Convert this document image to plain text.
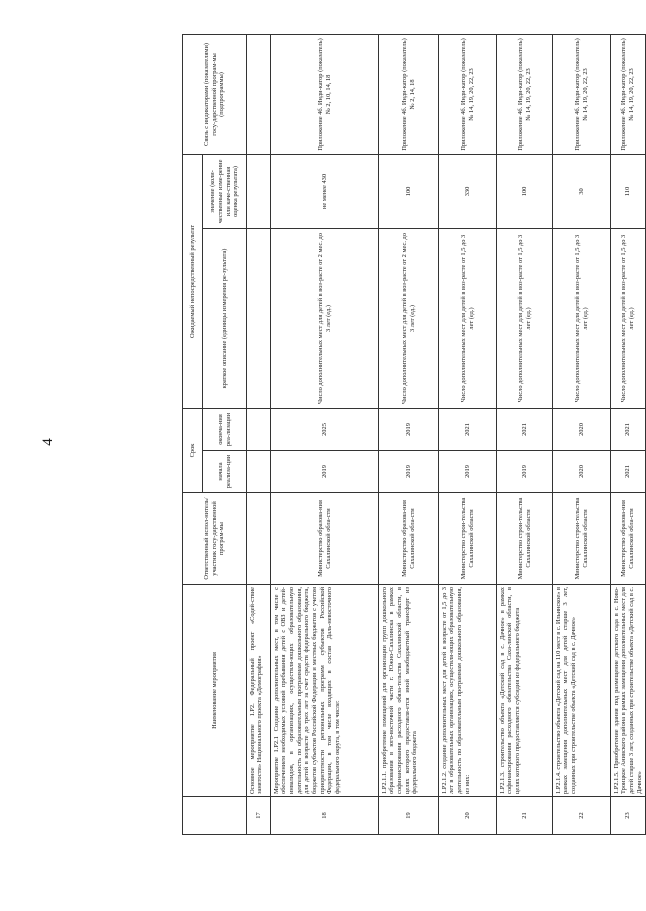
4
	Наименование мероприятия	Ответственный испол-нитель/участник госу-дарственной програм-мы	Срок		Ожидаемый непосредственный результат		Связь с индикаторами (показателями) госу-дарственной програм-мы (подпрограммы)
			начала реализа-ции	оконча-ния реа-лизации	краткое описание (единицы измерения ре-зультата)	значение (коли-чественные изме-рение или каче-ственная оценка результата)	
17	Основное мероприятие 1.Р2. Федеральный проект «Содей-ствие занятости» Национального проекта «Демография»						
18	Мероприятие 1.Р2.1 Создание дополнительных мест, в том числе с обеспечением необходимых условий пребывания детей с ОВЗ и детей-инвалидов, в организациях, осуществля-ющих образовательную деятельность по образовательным программам дошкольного образования, для детей в возрасте до трех лет за счет средств федерального бюджета, бюджетов субъектов Российской Федерации и местных бюджетов с учетом приоритетности региональных программ субъектов Российской Федерации, в том числе входящих в состав Даль-невосточного федерального округа, в том числе:	Министерство образова-ния Сахалинской обла-сти	2019	2025	Число дополнительных мест для детей в воз-расте от 2 мес. до 3 лет (ед.)	не менее 430	Приложение 4б. Инди-катор (показатель) № 2, 10, 14, 18
19	1.Р2.1.1. приобретение помещений для организации групп дошкольного образования в юго-восточной части г. Южно-Сахалинска в рамках софинансирования расходного обяза-тельства Сахалинской области, в целях которого предоставля-ется иной межбюджетный трансферт из федерального бюджета	Министерство образова-ния Сахалинской обла-сти	2019	2019	Число дополнительных мест для детей в воз-расте от 2 мес. до 3 лет (ед.)	100	Приложение 4б. Инди-катор (показатель) № 2, 14, 18
20	1.Р2.1.2. создание дополнительных мест для детей в возрасте от 1,5 до 3 лет в образовательных организациях, осуществля-ющих образовательную деятельность по образовательным программам дошкольного образования, из них:	Министерство строи-тельства Сахалинской области	2019	2021	Число дополнительных мест для детей в воз-расте от 1,5 до 3 лет (ед.)	330	Приложение 4б. Инди-катор (показатель) № 14, 19, 20, 22, 23
21	1.Р2.1.3. строительство объекта «Детский сад в с. Дачное» в рамках софинансирования расходного обязательства Саха-линской области, в целях которого предоставляется субсидия из федерального бюджета	Министерство строи-тельства Сахалинской области	2019	2021	Число дополнительных мест для детей в воз-расте от 1,5 до 3 лет (ед.)	100	Приложение 4б. Инди-катор (показатель) № 14, 19, 20, 22, 23
22	1.Р2.1.4. строительство объекта «Детский сад на 110 мест в с. Ильинское» в рамках замещения дополнительных мест для детей старше 3 лет, созданных при строительстве объекта «Детский сад в с. Дачное»	Министерство строи-тельства Сахалинской области	2020	2020	Число дополнительных мест для детей в воз-расте от 1,5 до 3 лет (ед.)	30	Приложение 4б. Инди-катор (показатель) № 14, 19, 20, 22, 23
23	1.Р2.1.5. Приобретение здания под размещение детского сада в с. Ново-Троицкое Анивского района в рамках замещения дополнительных мест для детей старше 3 лет, созданных при строительстве объекта «Детский сад в с. Дачное»	Министерство образова-ния Сахалинской обла-сти	2021	2021	Число дополнительных мест для детей в воз-расте от 1,5 до 3 лет (ед.)	110	Приложение 4б. Инди-катор (показатель) № 14, 19, 20, 22, 23
